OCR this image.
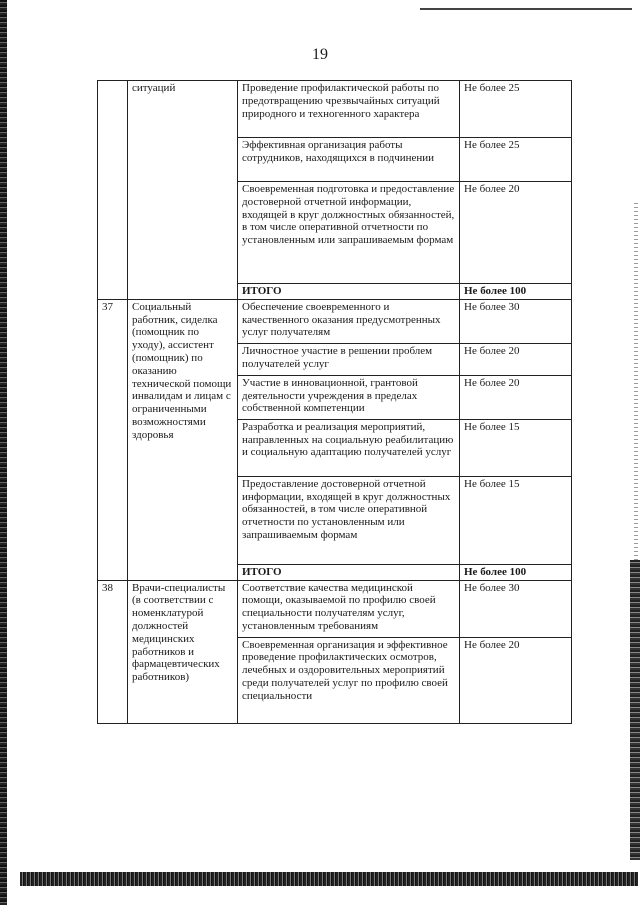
19
	ситуаций	Проведение профилактической работы по предотвращению чрезвычайных ситуаций природного и техногенного характера	Не более 25
		Эффективная организация работы сотрудников, находящихся в подчинении	Не более 25
		Своевременная подготовка и предоставление достоверной отчетной информации, входящей в круг должностных обязанностей, в том числе оперативной отчетности по установленным или запрашиваемым формам	Не более 20
		ИТОГО	Не более 100
37	Социальный работник, сиделка (помощник по уходу), ассистент (помощник) по оказанию технической помощи инвалидам и лицам с ограниченными возможностями здоровья	Обеспечение своевременного и качественного оказания предусмотренных услуг получателям	Не более 30
		Личностное участие в решении проблем получателей услуг	Не более 20
		Участие в инновационной, грантовой деятельности учреждения в пределах собственной компетенции	Не более 20
		Разработка и реализация мероприятий, направленных на социальную реабилитацию и социальную адаптацию получателей услуг	Не более 15
		Предоставление достоверной отчетной информации, входящей в круг должностных обязанностей, в том числе оперативной отчетности по установленным или запрашиваемым формам	Не более 15
		ИТОГО	Не более 100
38	Врачи-специалисты (в соответствии с номенклатурой должностей медицинских работников и фармацевтических работников)	Соответствие качества медицинской помощи, оказываемой по профилю своей специальности получателям услуг, установленным требованиям	Не более 30
		Своевременная организация и эффективное проведение профилактических осмотров, лечебных и оздоровительных мероприятий среди получателей услуг по профилю своей специальности	Не более 20
